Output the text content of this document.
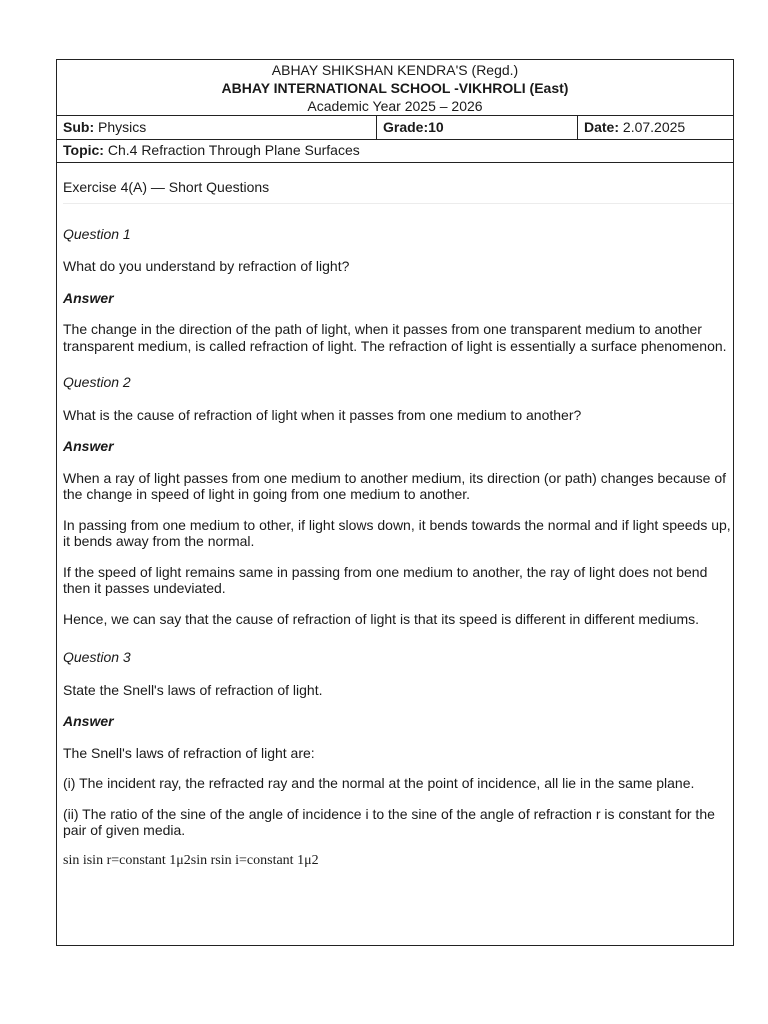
ABHAY SHIKSHAN KENDRA'S (Regd.)
ABHAY INTERNATIONAL SCHOOL -VIKHROLI (East)
Academic Year 2025 – 2026
Sub: Physics	Grade:10	Date: 2.07.2025
Topic: Ch.4 Refraction Through Plane Surfaces
Exercise 4(A) — Short Questions

Question 1

What do you understand by refraction of light?

Answer

The change in the direction of the path of light, when it passes from one transparent medium to another transparent medium, is called refraction of light. The refraction of light is essentially a surface phenomenon.

Question 2

What is the cause of refraction of light when it passes from one medium to another?

Answer

When a ray of light passes from one medium to another medium, its direction (or path) changes because of the change in speed of light in going from one medium to another.

In passing from one medium to other, if light slows down, it bends towards the normal and if light speeds up, it bends away from the normal.

If the speed of light remains same in passing from one medium to another, the ray of light does not bend then it passes undeviated.

Hence, we can say that the cause of refraction of light is that its speed is different in different mediums.

Question 3

State the Snell's laws of refraction of light.

Answer

The Snell's laws of refraction of light are:

(i) The incident ray, the refracted ray and the normal at the point of incidence, all lie in the same plane.

(ii) The ratio of the sine of the angle of incidence i to the sine of the angle of refraction r is constant for the pair of given media.

sin isin r=constant 1μ2sin rsin i=constant 1μ2
